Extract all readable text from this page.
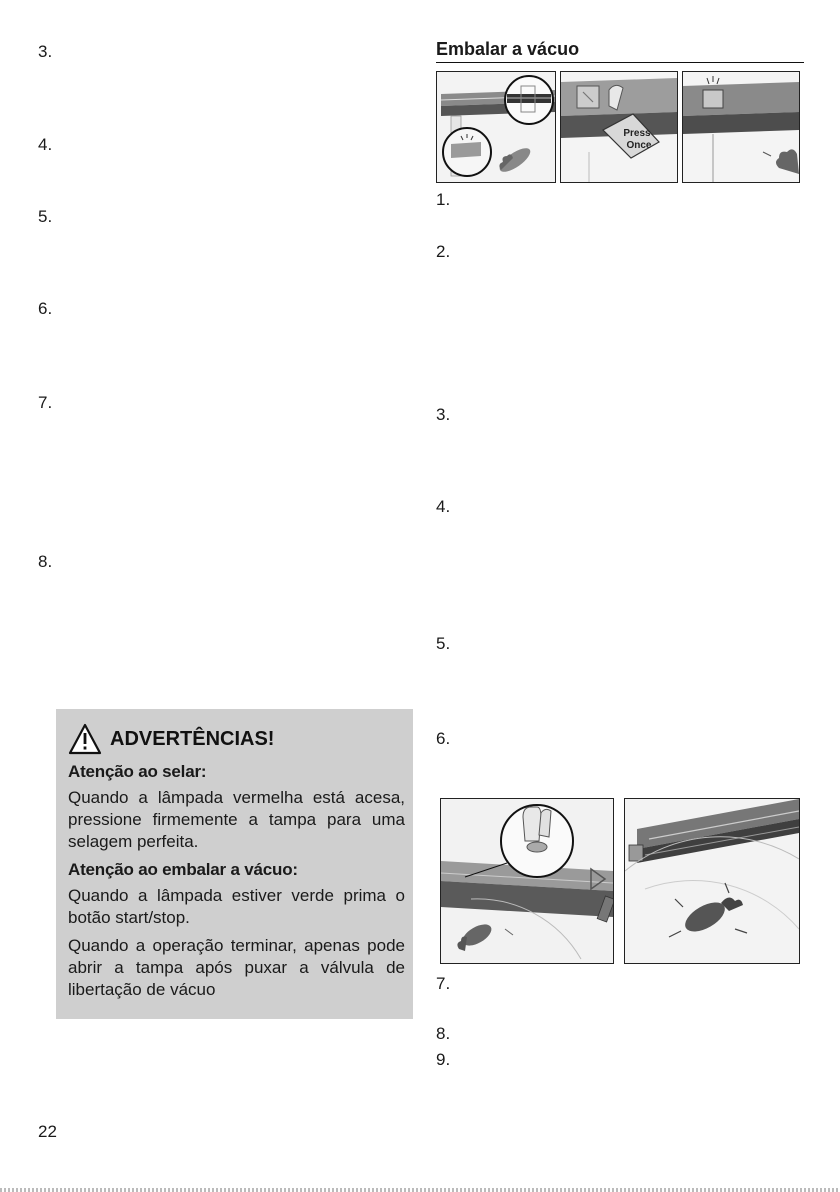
3.
4.
5.
6.
7.
8.
ADVERTÊNCIAS!
Atenção ao selar:

Quando a lâmpada vermelha está acesa, pressione firmemente a tampa para uma selagem perfeita.

Atenção ao embalar a vácuo:

Quando a lâmpada estiver verde prima o botão start/stop.

Quando a operação terminar, apenas pode abrir a tampa após puxar a válvula de libertação de vácuo

Embalar a vácuo
Press
Once
1.
2.
3.
4.
5.
6.
7.
8.
9.
22
